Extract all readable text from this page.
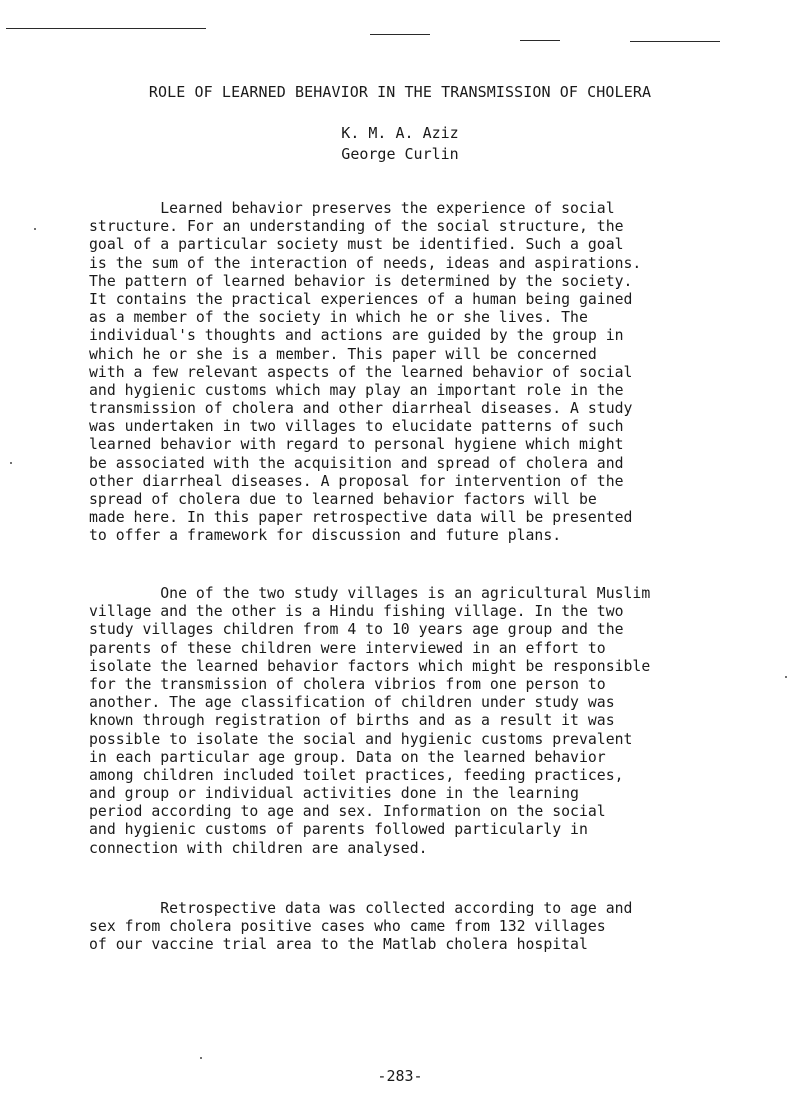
ROLE OF LEARNED BEHAVIOR IN THE TRANSMISSION OF CHOLERA
K. M. A. Aziz
George Curlin
Learned behavior preserves the experience of social
structure. For an understanding of the social structure, the
goal of a particular society must be identified. Such a goal
is the sum of the interaction of needs, ideas and aspirations.
The pattern of learned behavior is determined by the society.
It contains the practical experiences of a human being gained
as a member of the society in which he or she lives. The
individual's thoughts and actions are guided by the group in
which he or she is a member. This paper will be concerned
with a few relevant aspects of the learned behavior of social
and hygienic customs which may play an important role in the
transmission of cholera and other diarrheal diseases. A study
was undertaken in two villages to elucidate patterns of such
learned behavior with regard to personal hygiene which might
be associated with the acquisition and spread of cholera and
other diarrheal diseases. A proposal for intervention of the
spread of cholera due to learned behavior factors will be
made here. In this paper retrospective data will be presented
to offer a framework for discussion and future plans.
One of the two study villages is an agricultural Muslim
village and the other is a Hindu fishing village. In the two
study villages children from 4 to 10 years age group and the
parents of these children were interviewed in an effort to
isolate the learned behavior factors which might be responsible
for the transmission of cholera vibrios from one person to
another. The age classification of children under study was
known through registration of births and as a result it was
possible to isolate the social and hygienic customs prevalent
in each particular age group. Data on the learned behavior
among children included toilet practices, feeding practices,
and group or individual activities done in the learning
period according to age and sex. Information on the social
and hygienic customs of parents followed particularly in
connection with children are analysed.
Retrospective data was collected according to age and
sex from cholera positive cases who came from 132 villages
of our vaccine trial area to the Matlab cholera hospital
-283-
